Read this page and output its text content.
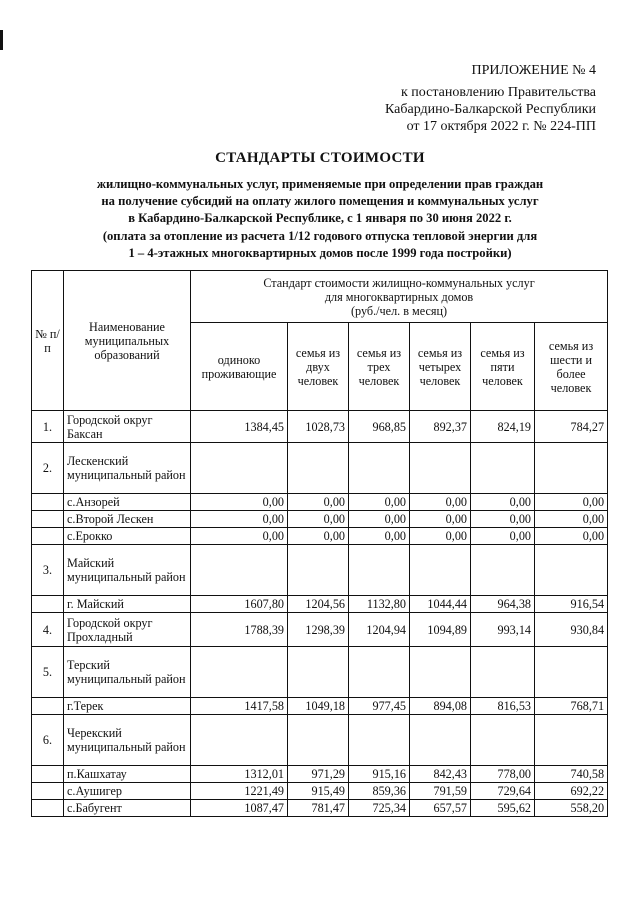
ПРИЛОЖЕНИЕ № 4
к постановлению Правительства
Кабардино-Балкарской Республики
от 17 октября 2022 г. № 224-ПП
СТАНДАРТЫ СТОИМОСТИ
жилищно-коммунальных услуг, применяемые при определении прав граждан
на получение субсидий на оплату жилого помещения и коммунальных услуг
в Кабардино-Балкарской Республике, с 1 января по 30 июня 2022 г.
(оплата за отопление из расчета 1/12 годового отпуска тепловой энергии для
1 – 4-этажных многоквартирных домов после 1999 года постройки)
№ п/п	Наименование муниципальных образований	Стандарт стоимости жилищно-коммунальных услуг
для многоквартирных домов
(руб./чел. в месяц)					

		одиноко проживающие	семья из двух человек	семья из трех человек	семья из четырех человек	семья из пяти человек	семья из шести и более человек
1.	Городской округ Баксан	1384,45	1028,73	968,85	892,37	824,19	784,27
2.	Лескенский муниципальный район						
	с.Анзорей	0,00	0,00	0,00	0,00	0,00	0,00
	с.Второй Лескен	0,00	0,00	0,00	0,00	0,00	0,00
	с.Ерокко	0,00	0,00	0,00	0,00	0,00	0,00
3.	Майский муниципальный район						
	г. Майский	1607,80	1204,56	1132,80	1044,44	964,38	916,54
4.	Городской округ Прохладный	1788,39	1298,39	1204,94	1094,89	993,14	930,84
5.	Терский муниципальный район						
	г.Терек	1417,58	1049,18	977,45	894,08	816,53	768,71
6.	Черекский муниципальный район						
	п.Кашхатау	1312,01	971,29	915,16	842,43	778,00	740,58
	с.Аушигер	1221,49	915,49	859,36	791,59	729,64	692,22
	с.Бабугент	1087,47	781,47	725,34	657,57	595,62	558,20
